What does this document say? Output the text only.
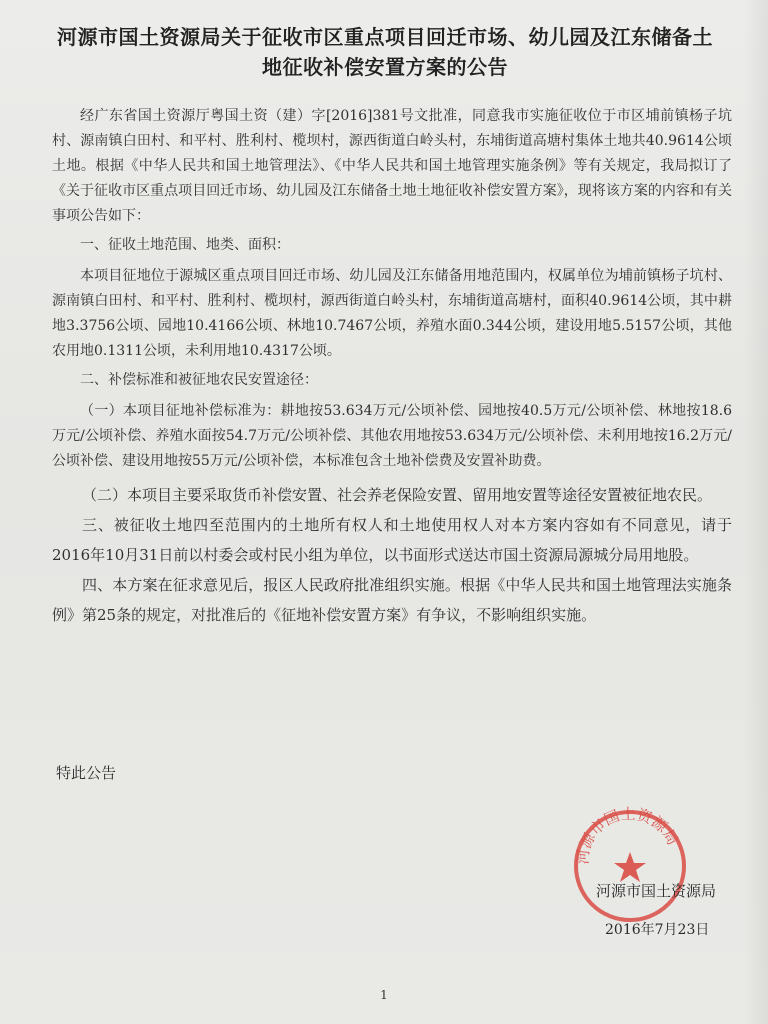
河源市国土资源局关于征收市区重点项目回迁市场、幼儿园及江东储备土
地征收补偿安置方案的公告

经广东省国土资源厅粤国土资（建）字[2016]381号文批准，同意我市实施征收位于市区埔前镇杨子坑村、源南镇白田村、和平村、胜利村、榄坝村，源西街道白岭头村，东埔街道高塘村集体土地共40.9614公顷土地。根据《中华人民共和国土地管理法》、《中华人民共和国土地管理实施条例》等有关规定，我局拟订了《关于征收市区重点项目回迁市场、幼儿园及江东储备土地土地征收补偿安置方案》，现将该方案的内容和有关事项公告如下：

一、征收土地范围、地类、面积：

本项目征地位于源城区重点项目回迁市场、幼儿园及江东储备用地范围内，权属单位为埔前镇杨子坑村、源南镇白田村、和平村、胜利村、榄坝村，源西街道白岭头村，东埔街道高塘村，面积40.9614公顷，其中耕地3.3756公顷、园地10.4166公顷、林地10.7467公顷，养殖水面0.344公顷，建设用地5.5157公顷，其他农用地0.1311公顷，未利用地10.4317公顷。

二、补偿标准和被征地农民安置途径：

（一）本项目征地补偿标准为：耕地按53.634万元/公顷补偿、园地按40.5万元/公顷补偿、林地按18.6万元/公顷补偿、养殖水面按54.7万元/公顷补偿、其他农用地按53.634万元/公顷补偿、未利用地按16.2万元/公顷补偿、建设用地按55万元/公顷补偿，本标准包含土地补偿费及安置补助费。

（二）本项目主要采取货币补偿安置、社会养老保险安置、留用地安置等途径安置被征地农民。

三、被征收土地四至范围内的土地所有权人和土地使用权人对本方案内容如有不同意见，请于2016年10月31日前以村委会或村民小组为单位，以书面形式送达市国土资源局源城分局用地股。

四、本方案在征求意见后，报区人民政府批准组织实施。根据《中华人民共和国土地管理法实施条例》第25条的规定，对批准后的《征地补偿安置方案》有争议，不影响组织实施。

特此公告
河源市国土资源局
河源市国土资源局
2016年7月23日
1
